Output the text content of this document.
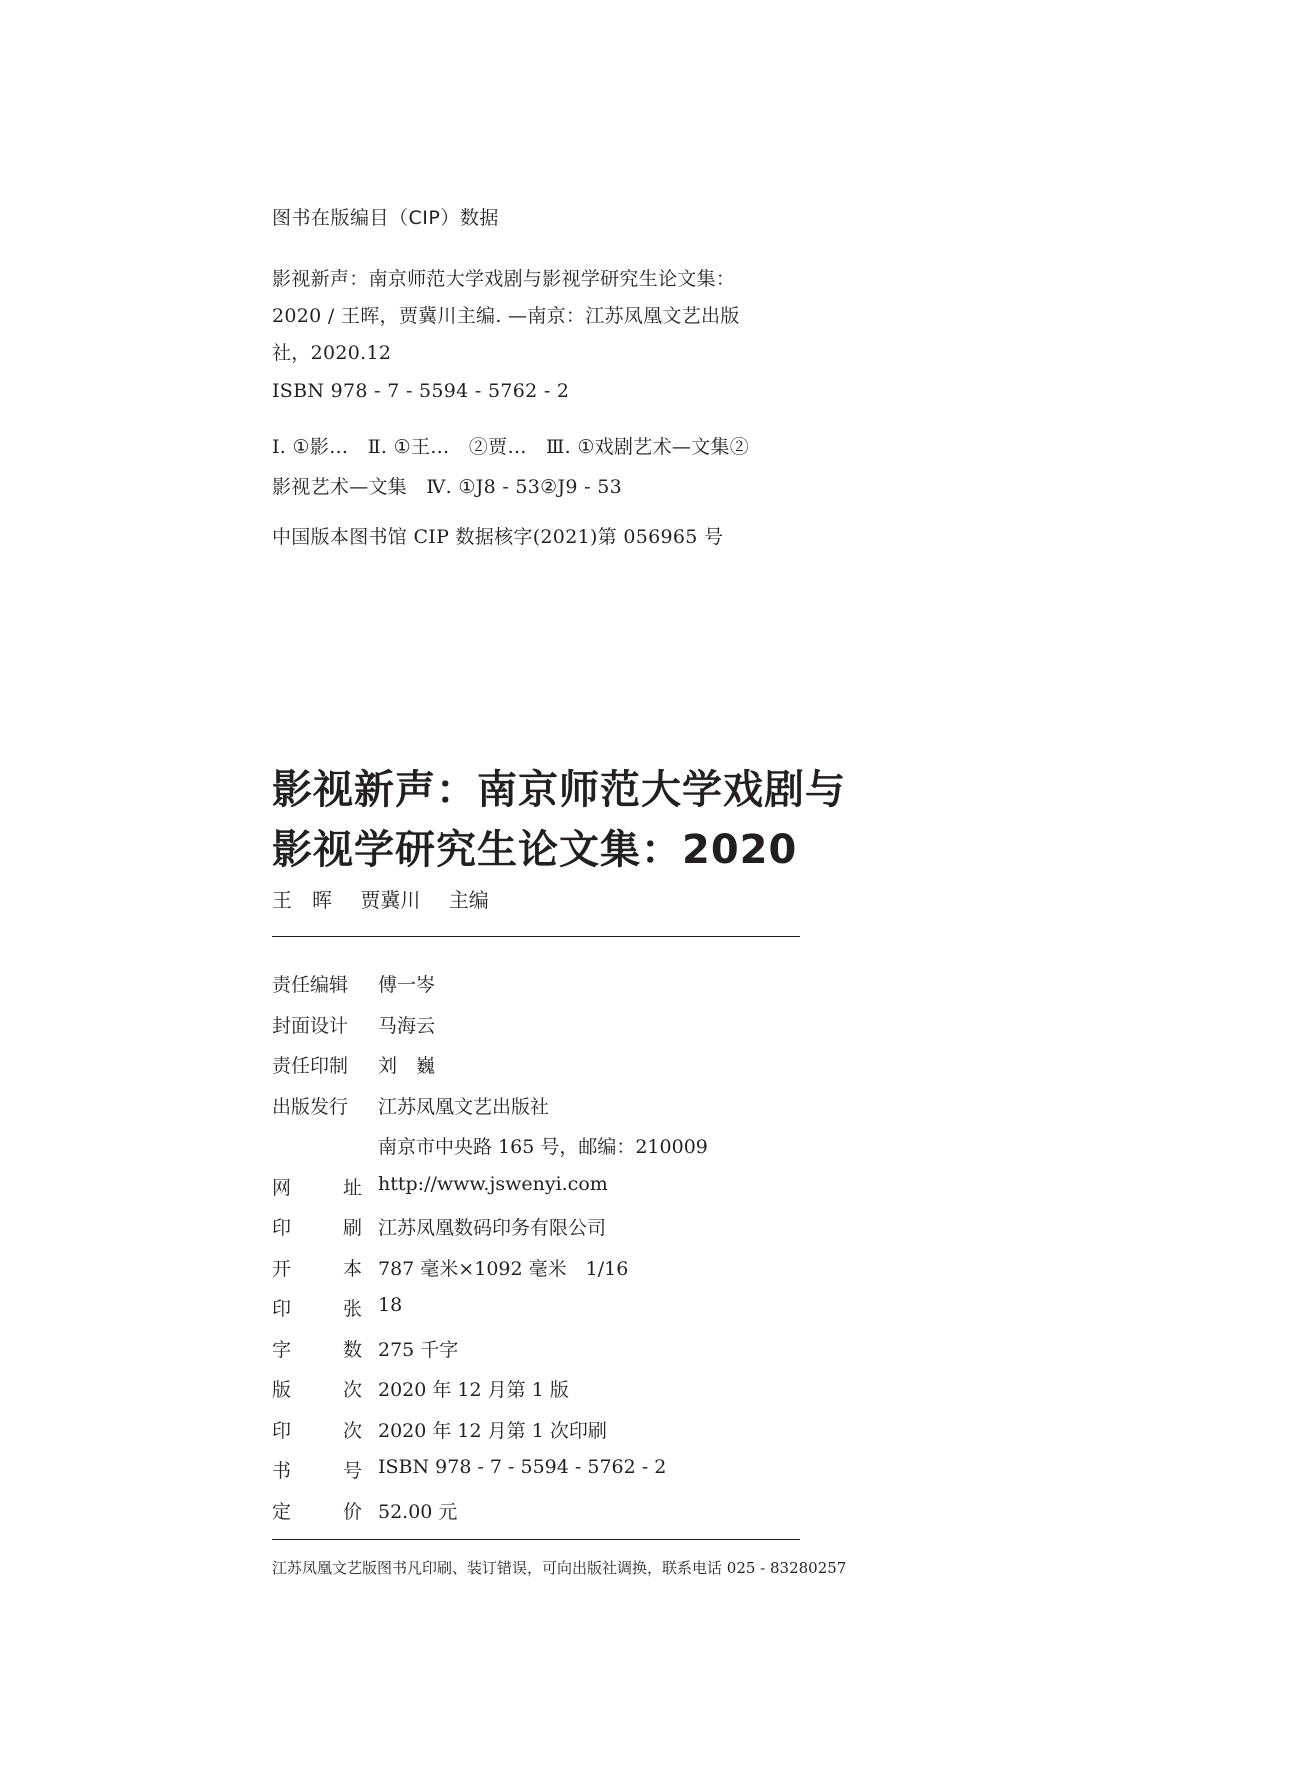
图书在版编目（CIP）数据
影视新声：南京师范大学戏剧与影视学研究生论文集：
2020 / 王晖，贾冀川主编. —南京：江苏凤凰文艺出版
社，2020.12
ISBN 978 - 7 - 5594 - 5762 - 2
Ⅰ. ①影…　Ⅱ. ①王…　②贾…　Ⅲ. ①戏剧艺术—文集②
影视艺术—文集　Ⅳ. ①J8 - 53②J9 - 53
中国版本图书馆 CIP 数据核字(2021)第 056965 号
影视新声：南京师范大学戏剧与
影视学研究生论文集：2020
王　晖 贾冀川 主编
责任编辑	傅一岑
封面设计	马海云
责任印制	刘　巍
出版发行	江苏凤凰文艺出版社
南京市中央路 165 号，邮编：210009
网	址 http://www.jswenyi.com
印	刷 江苏凤凰数码印务有限公司
开	本 787 毫米×1092 毫米　1/16
印	张 18
字	数 275 千字
版	次 2020 年 12 月第 1 版
印	次 2020 年 12 月第 1 次印刷
书	号 ISBN 978 - 7 - 5594 - 5762 - 2
定	价 52.00 元
江苏凤凰文艺版图书凡印刷、装订错误，可向出版社调换，联系电话 025 - 83280257
